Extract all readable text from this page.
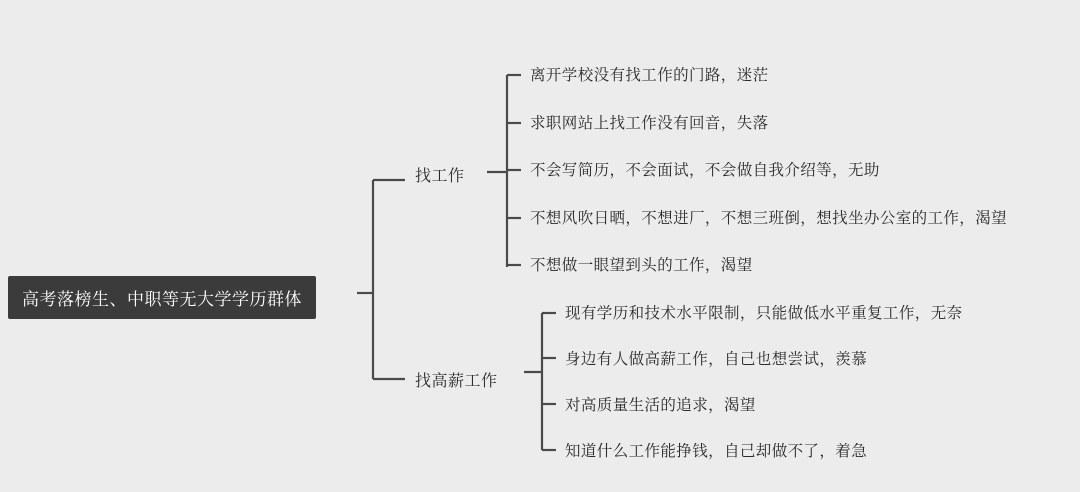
高考落榜生、中职等无大学学历群体
找工作
找高薪工作
离开学校没有找工作的门路，迷茫
求职网站上找工作没有回音，失落
不会写简历，不会面试，不会做自我介绍等，无助
不想风吹日晒，不想进厂，不想三班倒，想找坐办公室的工作，渴望
不想做一眼望到头的工作，渴望
现有学历和技术水平限制，只能做低水平重复工作，无奈
身边有人做高薪工作，自己也想尝试，羡慕
对高质量生活的追求，渴望
知道什么工作能挣钱，自己却做不了，着急
